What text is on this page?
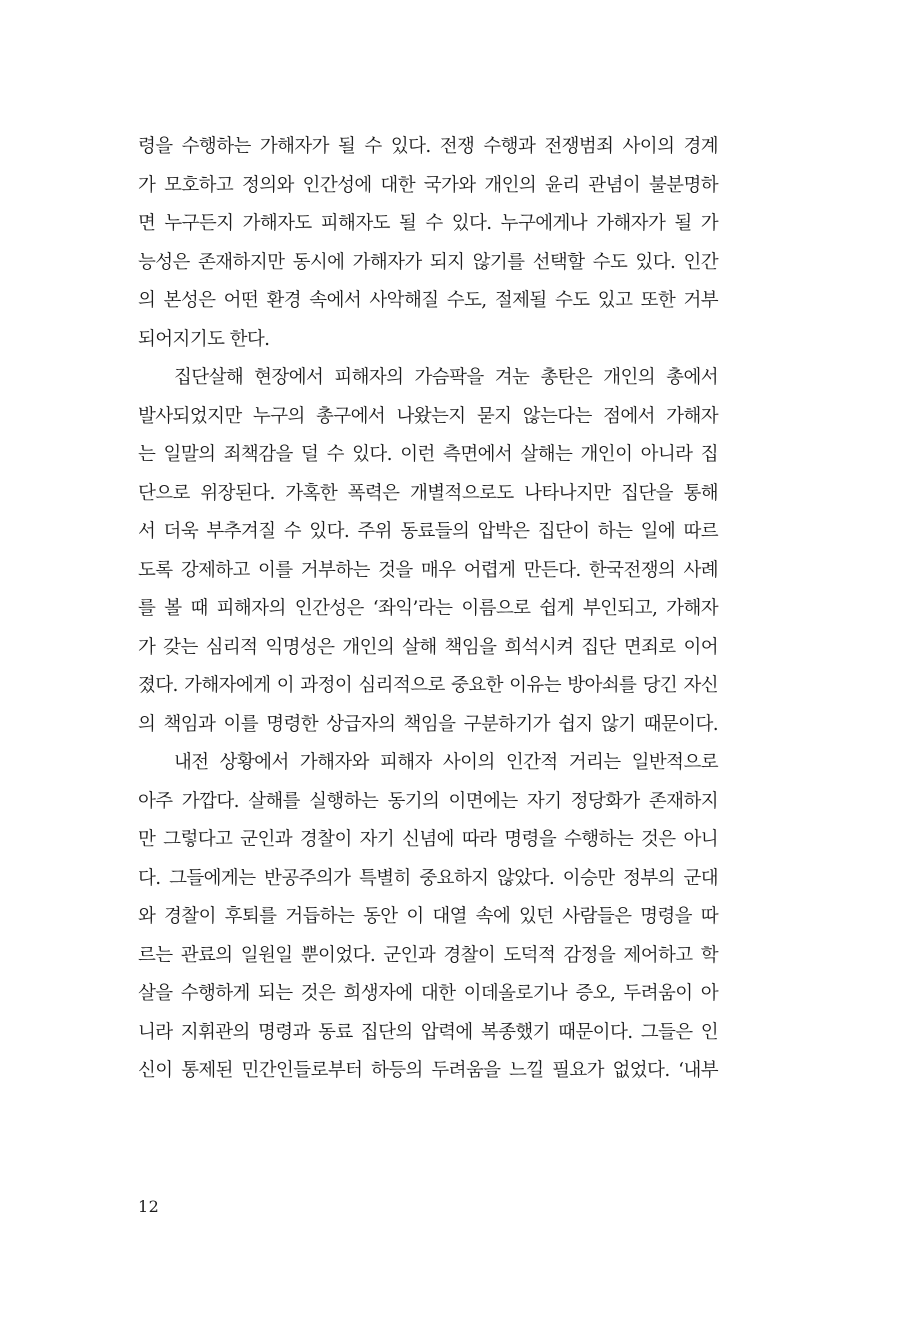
령을 수행하는 가해자가 될 수 있다. 전쟁 수행과 전쟁범죄 사이의 경계
가 모호하고 정의와 인간성에 대한 국가와 개인의 윤리 관념이 불분명하
면 누구든지 가해자도 피해자도 될 수 있다. 누구에게나 가해자가 될 가
능성은 존재하지만 동시에 가해자가 되지 않기를 선택할 수도 있다. 인간
의 본성은 어떤 환경 속에서 사악해질 수도, 절제될 수도 있고 또한 거부
되어지기도 한다.
집단살해 현장에서 피해자의 가슴팍을 겨눈 총탄은 개인의 총에서
발사되었지만 누구의 총구에서 나왔는지 묻지 않는다는 점에서 가해자
는 일말의 죄책감을 덜 수 있다. 이런 측면에서 살해는 개인이 아니라 집
단으로 위장된다. 가혹한 폭력은 개별적으로도 나타나지만 집단을 통해
서 더욱 부추겨질 수 있다. 주위 동료들의 압박은 집단이 하는 일에 따르
도록 강제하고 이를 거부하는 것을 매우 어렵게 만든다. 한국전쟁의 사례
를 볼 때 피해자의 인간성은 ‘좌익’라는 이름으로 쉽게 부인되고, 가해자
가 갖는 심리적 익명성은 개인의 살해 책임을 희석시켜 집단 면죄로 이어
졌다. 가해자에게 이 과정이 심리적으로 중요한 이유는 방아쇠를 당긴 자신
의 책임과 이를 명령한 상급자의 책임을 구분하기가 쉽지 않기 때문이다.
내전 상황에서 가해자와 피해자 사이의 인간적 거리는 일반적으로
아주 가깝다. 살해를 실행하는 동기의 이면에는 자기 정당화가 존재하지
만 그렇다고 군인과 경찰이 자기 신념에 따라 명령을 수행하는 것은 아니
다. 그들에게는 반공주의가 특별히 중요하지 않았다. 이승만 정부의 군대
와 경찰이 후퇴를 거듭하는 동안 이 대열 속에 있던 사람들은 명령을 따
르는 관료의 일원일 뿐이었다. 군인과 경찰이 도덕적 감정을 제어하고 학
살을 수행하게 되는 것은 희생자에 대한 이데올로기나 증오, 두려움이 아
니라 지휘관의 명령과 동료 집단의 압력에 복종했기 때문이다. 그들은 인
신이 통제된 민간인들로부터 하등의 두려움을 느낄 필요가 없었다. ‘내부
12
